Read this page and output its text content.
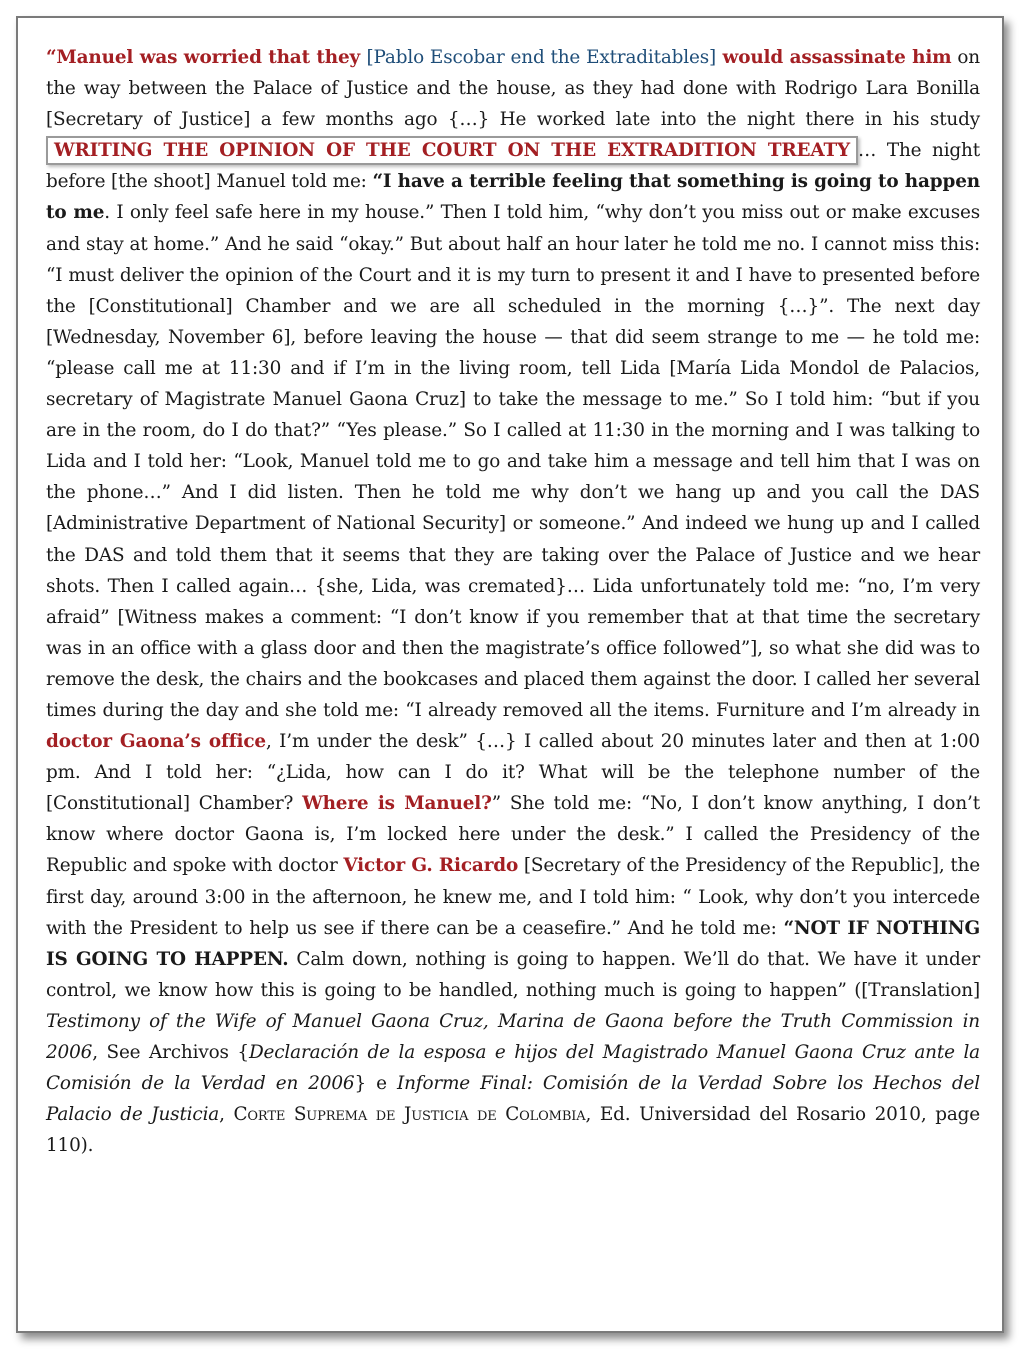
“Manuel was worried that they [Pablo Escobar end the Extraditables] would assassinate him on the way between the Palace of Justice and the house, as they had done with Rodrigo Lara Bonilla [Secretary of Justice] a few months ago {…} He worked late into the night there in his study WRITING THE OPINION OF THE COURT ON THE EXTRADITION TREATY … The night before [the shoot] Manuel told me: “I have a terrible feeling that something is going to happen to me. I only feel safe here in my house.” Then I told him, “why don’t you miss out or make excuses and stay at home.” And he said “okay.” But about half an hour later he told me no. I cannot miss this: “I must deliver the opinion of the Court and it is my turn to present it and I have to presented before the [Constitutional] Chamber and we are all scheduled in the morning {…}”. The next day [Wednesday, November 6], before leaving the house — that did seem strange to me — he told me: “please call me at 11:30 and if I’m in the living room, tell Lida [María Lida Mondol de Palacios, secretary of Magistrate Manuel Gaona Cruz] to take the message to me.” So I told him: “but if you are in the room, do I do that?” “Yes please.” So I called at 11:30 in the morning and I was talking to Lida and I told her: “Look, Manuel told me to go and take him a message and tell him that I was on the phone…” And I did listen. Then he told me why don’t we hang up and you call the DAS [Administrative Department of National Security] or someone.” And indeed we hung up and I called the DAS and told them that it seems that they are taking over the Palace of Justice and we hear shots. Then I called again… {she, Lida, was cremated}… Lida unfortunately told me: “no, I’m very afraid” [Witness makes a comment: “I don’t know if you remember that at that time the secretary was in an office with a glass door and then the magistrate’s office followed”], so what she did was to remove the desk, the chairs and the bookcases and placed them against the door. I called her several times during the day and she told me: “I already removed all the items. Furniture and I’m already in doctor Gaona’s office, I’m under the desk” {…} I called about 20 minutes later and then at 1:00 pm. And I told her: “¿Lida, how can I do it? What will be the telephone number of the [Constitutional] Chamber? Where is Manuel?” She told me: “No, I don’t know anything, I don’t know where doctor Gaona is, I’m locked here under the desk.” I called the Presidency of the Republic and spoke with doctor Victor G. Ricardo [Secretary of the Presidency of the Republic], the first day, around 3:00 in the afternoon, he knew me, and I told him: “ Look, why don’t you intercede with the President to help us see if there can be a ceasefire.” And he told me: “NOT IF NOTHING IS GOING TO HAPPEN. Calm down, nothing is going to happen. We’ll do that. We have it under control, we know how this is going to be handled, nothing much is going to happen” ([Translation] Testimony of the Wife of Manuel Gaona Cruz, Marina de Gaona before the Truth Commission in 2006, See Archivos {Declaración de la esposa e hijos del Magistrado Manuel Gaona Cruz ante la Comisión de la Verdad en 2006} e Informe Final: Comisión de la Verdad Sobre los Hechos del Palacio de Justicia, Corte Suprema de Justicia de Colombia, Ed. Universidad del Rosario 2010, page 110).
